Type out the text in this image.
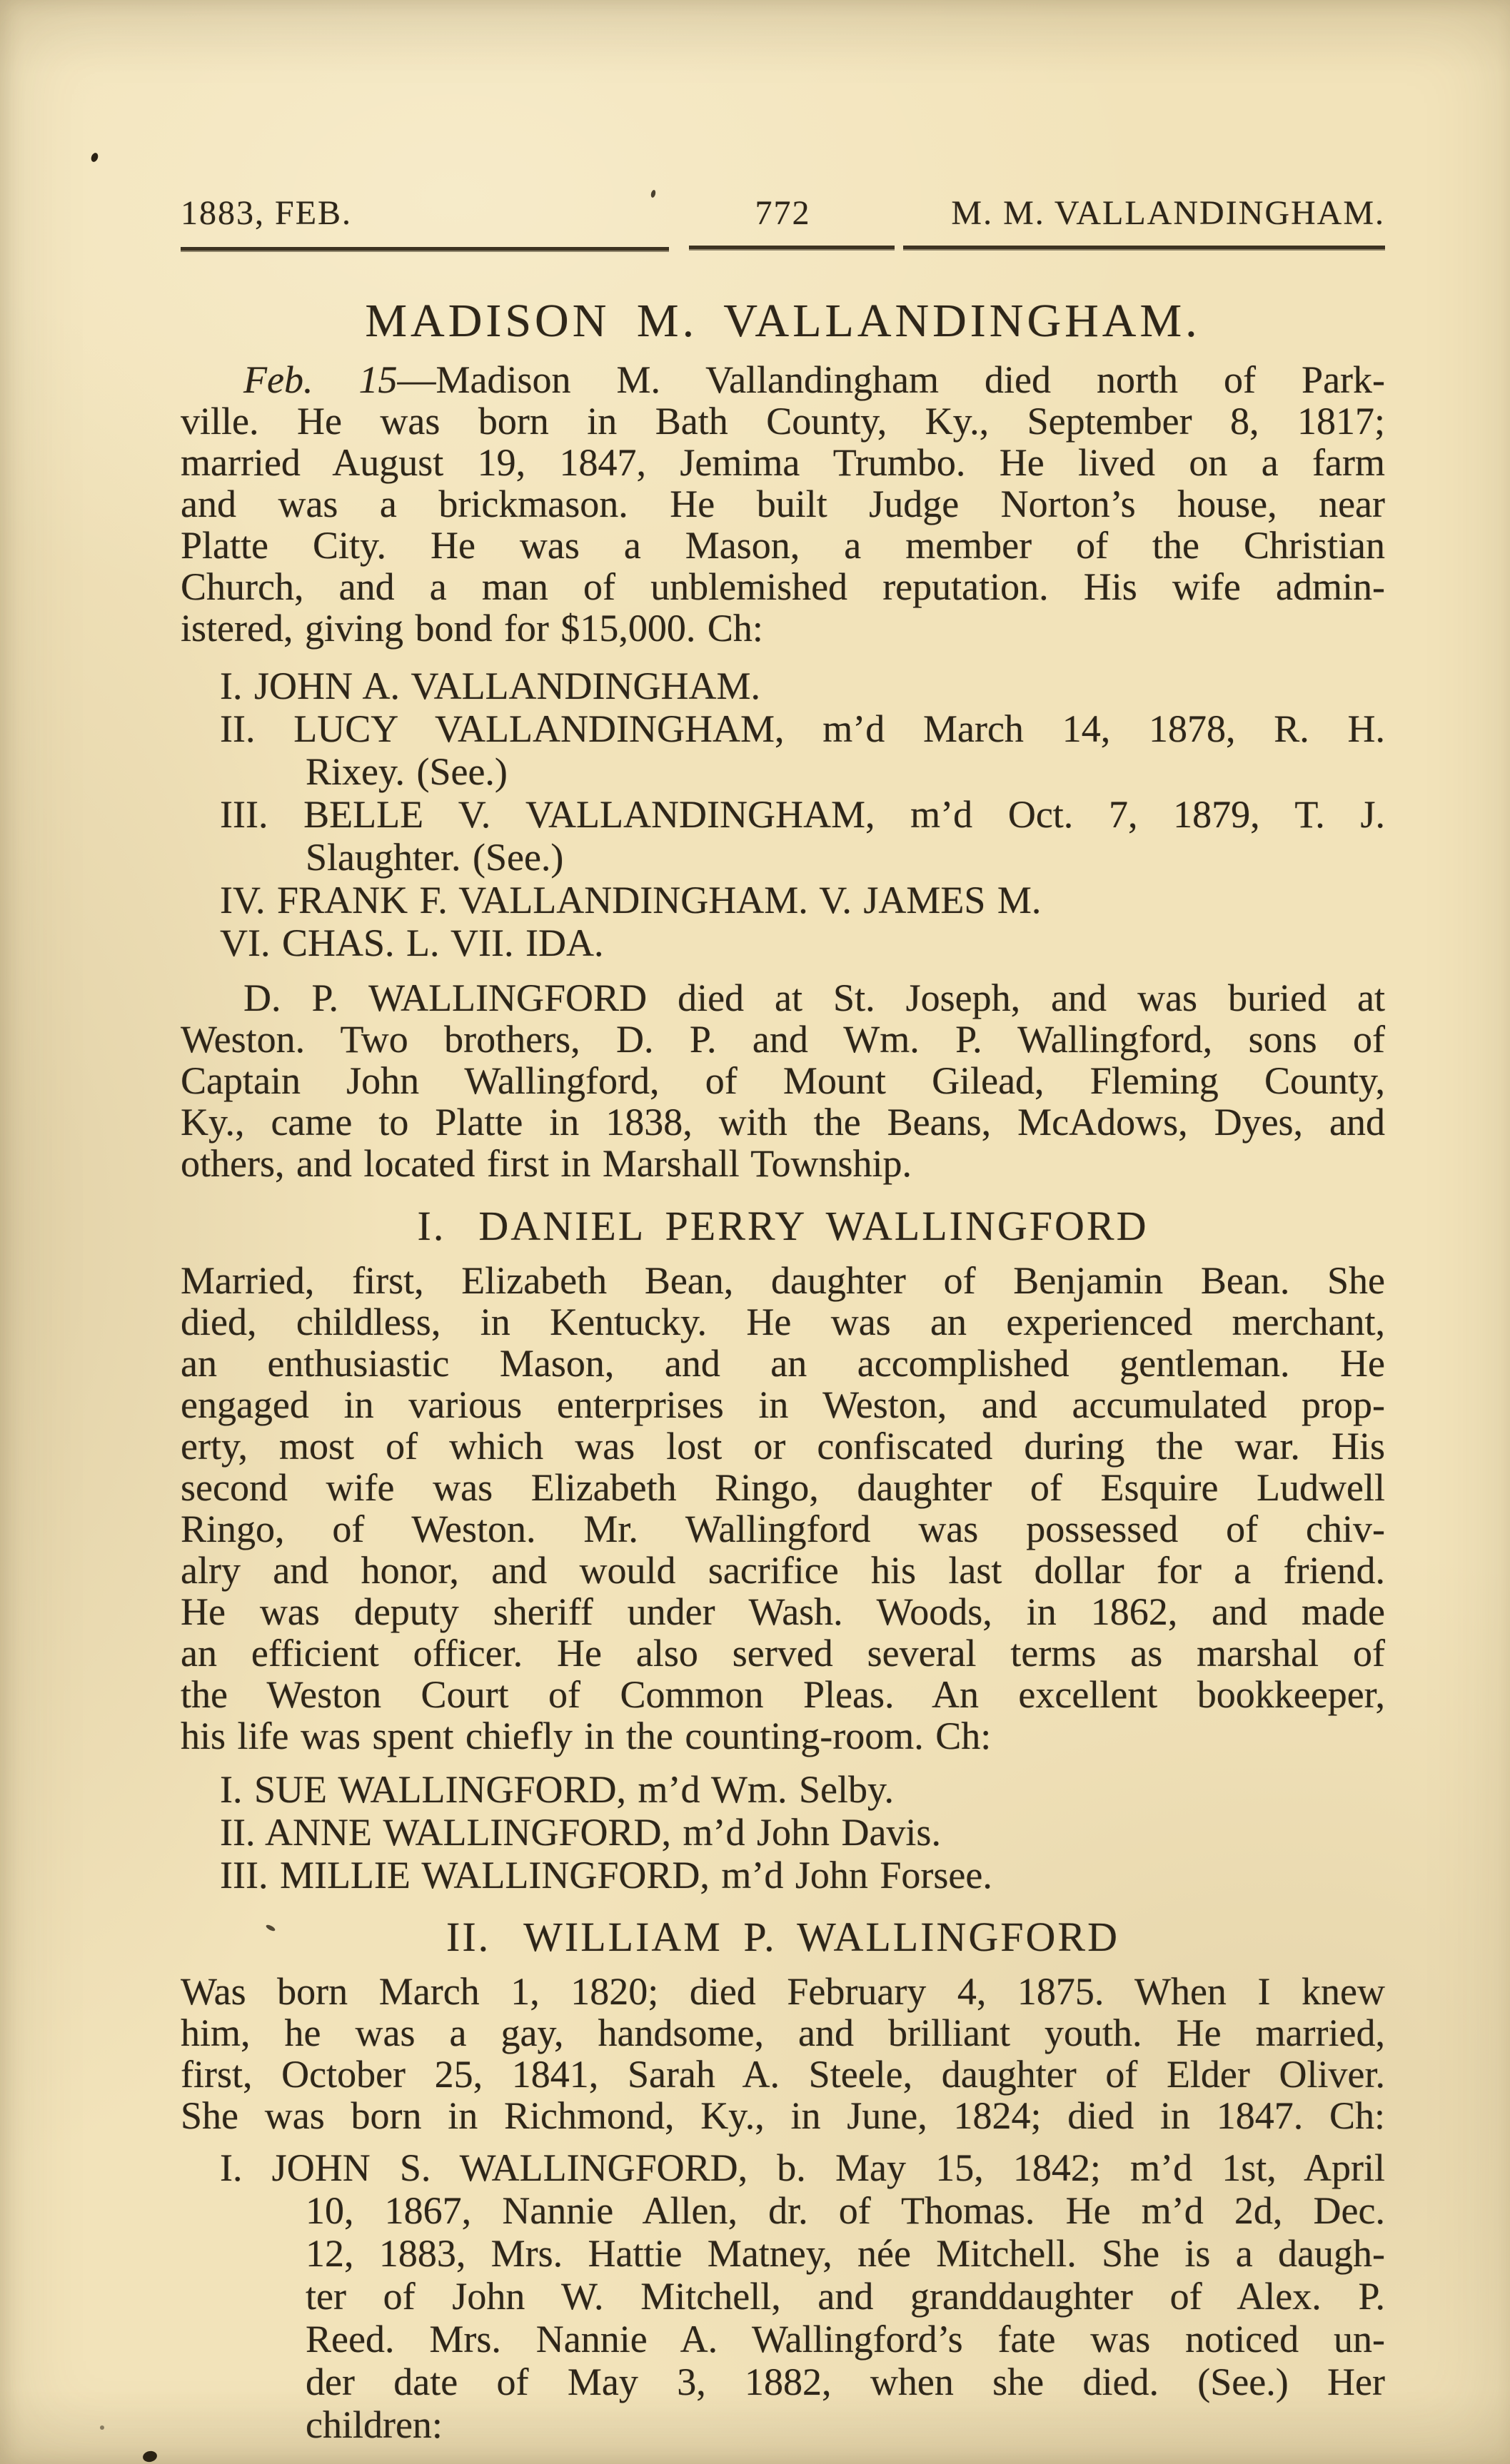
1883, FEB.	772	M. M. VALLANDINGHAM.
MADISON M. VALLANDINGHAM.
Feb. 15—Madison M. Vallandingham died north of Park-
ville. He was born in Bath County, Ky., September 8, 1817;
married August 19, 1847, Jemima Trumbo. He lived on a farm
and was a brickmason. He built Judge Norton’s house, near
Platte City. He was a Mason, a member of the Christian
Church, and a man of unblemished reputation. His wife admin-
istered, giving bond for $15,000. Ch:
I. JOHN A. VALLANDINGHAM.
II. LUCY VALLANDINGHAM, m’d March 14, 1878, R. H.
Rixey. (See.)
III. BELLE V. VALLANDINGHAM, m’d Oct. 7, 1879, T. J.
Slaughter. (See.)
IV. FRANK F. VALLANDINGHAM. V. JAMES M.
VI. CHAS. L. VII. IDA.
D. P. WALLINGFORD died at St. Joseph, and was buried at
Weston. Two brothers, D. P. and Wm. P. Wallingford, sons of
Captain John Wallingford, of Mount Gilead, Fleming County,
Ky., came to Platte in 1838, with the Beans, McAdows, Dyes, and
others, and located first in Marshall Township.
I. DANIEL PERRY WALLINGFORD
Married, first, Elizabeth Bean, daughter of Benjamin Bean. She
died, childless, in Kentucky. He was an experienced merchant,
an enthusiastic Mason, and an accomplished gentleman. He
engaged in various enterprises in Weston, and accumulated prop-
erty, most of which was lost or confiscated during the war. His
second wife was Elizabeth Ringo, daughter of Esquire Ludwell
Ringo, of Weston. Mr. Wallingford was possessed of chiv-
alry and honor, and would sacrifice his last dollar for a friend.
He was deputy sheriff under Wash. Woods, in 1862, and made
an efficient officer. He also served several terms as marshal of
the Weston Court of Common Pleas. An excellent bookkeeper,
his life was spent chiefly in the counting-room. Ch:
I. SUE WALLINGFORD, m’d Wm. Selby.
II. ANNE WALLINGFORD, m’d John Davis.
III. MILLIE WALLINGFORD, m’d John Forsee.
II. WILLIAM P. WALLINGFORD
Was born March 1, 1820; died February 4, 1875. When I knew
him, he was a gay, handsome, and brilliant youth. He married,
first, October 25, 1841, Sarah A. Steele, daughter of Elder Oliver.
She was born in Richmond, Ky., in June, 1824; died in 1847. Ch:
I. JOHN S. WALLINGFORD, b. May 15, 1842; m’d 1st, April
10, 1867, Nannie Allen, dr. of Thomas. He m’d 2d, Dec.
12, 1883, Mrs. Hattie Matney, née Mitchell. She is a daugh-
ter of John W. Mitchell, and granddaughter of Alex. P.
Reed. Mrs. Nannie A. Wallingford’s fate was noticed un-
der date of May 3, 1882, when she died. (See.) Her
children:
